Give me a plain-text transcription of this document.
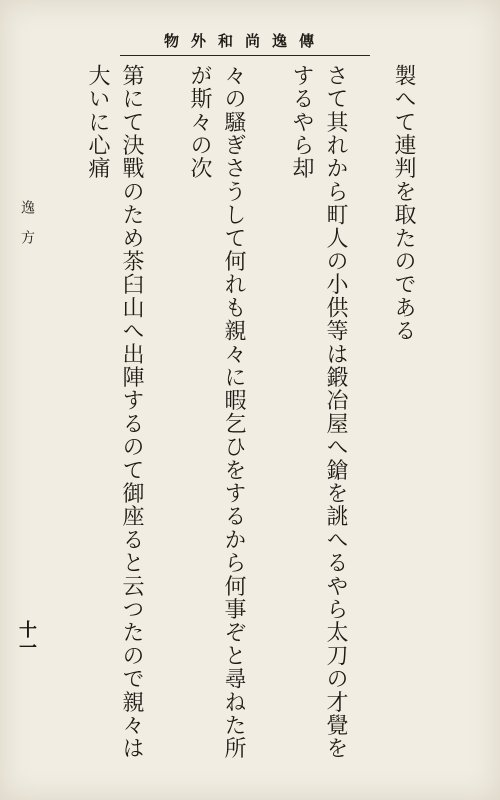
物外和尚逸傳

製へて連判を取たのである

さて其れから町人の小供等は鍛冶屋へ鎗を誂へるやら太刀の才覺をするやら却

々の騷ぎさうして何れも親々に暇乞ひをするから何事ぞと尋ねた所が斯々の次

第にて決戰のため茶臼山へ出陣するのて御座ると云つたので親々は大いに心痛

逸方
十一
